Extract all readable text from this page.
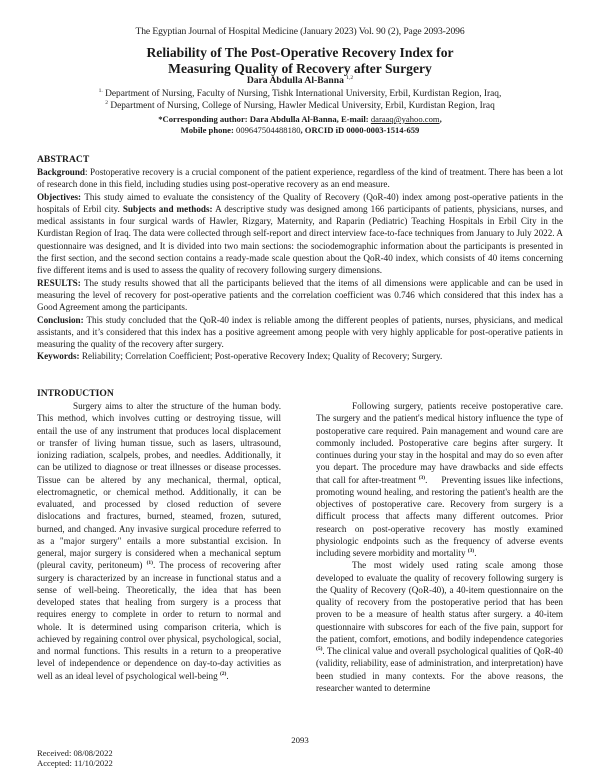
The Egyptian Journal of Hospital Medicine (January 2023) Vol. 90 (2), Page 2093-2096
Reliability of The Post-Operative Recovery Index for
Measuring Quality of Recovery after Surgery
Dara Abdulla Al-Banna $^{1,2}$
$^{1.}$ Department of Nursing, Faculty of Nursing, Tishk International University, Erbil, Kurdistan Region, Iraq,
$^2$ Department of Nursing, College of Nursing, Hawler Medical University, Erbil, Kurdistan Region, Iraq
*Corresponding author: Dara Abdulla Al-Banna, E-mail: daraaq@yahoo.com,
Mobile phone: 009647504488180, ORCID iD 0000-0003-1514-659
ABSTRACT

Background: Postoperative recovery is a crucial component of the patient experience, regardless of the kind of treatment. There has been a lot of research done in this field, including studies using post-operative recovery as an end measure.

Objectives: This study aimed to evaluate the consistency of the Quality of Recovery (QoR-40) index among post-operative patients in the hospitals of Erbil city. Subjects and methods: A descriptive study was designed among 166 participants of patients, physicians, nurses, and medical assistants in four surgical wards of Hawler, Rizgary, Maternity, and Raparin (Pediatric) Teaching Hospitals in Erbil City in the Kurdistan Region of Iraq. The data were collected through self-report and direct interview face-to-face techniques from January to July 2022. A questionnaire was designed, and It is divided into two main sections: the sociodemographic information about the participants is presented in the first section, and the second section contains a ready-made scale question about the QoR-40 index, which consists of 40 items concerning five different items and is used to assess the quality of recovery following surgery dimensions.

RESULTS: The study results showed that all the participants believed that the items of all dimensions were applicable and can be used in measuring the level of recovery for post-operative patients and the correlation coefficient was 0.746 which considered that this index has a Good Agreement among the participants.

Conclusion: This study concluded that the QoR-40 index is reliable among the different peoples of patients, nurses, physicians, and medical assistants, and it’s considered that this index has a positive agreement among people with very highly applicable for post-operative patients in measuring the quality of the recovery after surgery.

Keywords: Reliability; Correlation Coefficient; Post-operative Recovery Index; Quality of Recovery; Surgery.

INTRODUCTION

Surgery aims to alter the structure of the human body. This method, which involves cutting or destroying tissue, will entail the use of any instrument that produces local displacement or transfer of living human tissue, such as lasers, ultrasound, ionizing radiation, scalpels, probes, and needles. Additionally, it can be utilized to diagnose or treat illnesses or disease processes. Tissue can be altered by any mechanical, thermal, optical, electromagnetic, or chemical method. Additionally, it can be evaluated, and processed by closed reduction of severe dislocations and fractures, burned, steamed, frozen, sutured, burned, and changed. Any invasive surgical procedure referred to as a "major surgery" entails a more substantial excision. In general, major surgery is considered when a mechanical septum (pleural cavity, peritoneum) $^{(1)}$. The process of recovering after surgery is characterized by an increase in functional status and a sense of well-being. Theoretically, the idea that has been developed states that healing from surgery is a process that requires energy to complete in order to return to normal and whole. It is determined using comparison criteria, which is achieved by regaining control over physical, psychological, social, and normal functions. This results in a return to a preoperative level of independence or dependence on day-to-day activities as well as an ideal level of psychological well-being $^{(2)}$.

Following surgery, patients receive postoperative care. The surgery and the patient's medical history influence the type of postoperative care required. Pain management and wound care are commonly included. Postoperative care begins after surgery. It continues during your stay in the hospital and may do so even after you depart. The procedure may have drawbacks and side effects that call for after-treatment $^{(3)}$.     Preventing issues like infections, promoting wound healing, and restoring the patient's health are the objectives of postoperative care. Recovery from surgery is a difficult process that affects many different outcomes. Prior research on post-operative recovery has mostly examined physiologic endpoints such as the frequency of adverse events including severe morbidity and mortality $^{(3)}$.

The most widely used rating scale among those developed to evaluate the quality of recovery following surgery is the Quality of Recovery (QoR-40), a 40-item questionnaire on the quality of recovery from the postoperative period that has been proven to be a measure of health status after surgery. a 40-item questionnaire with subscores for each of the five pain, support for the patient, comfort, emotions, and bodily independence categories $^{(5)}$. The clinical value and overall psychological qualities of QoR-40 (validity, reliability, ease of administration, and interpretation) have been studied in many contexts. For the above reasons, the researcher wanted to determine

2093
Received: 08/08/2022
Accepted: 11/10/2022
